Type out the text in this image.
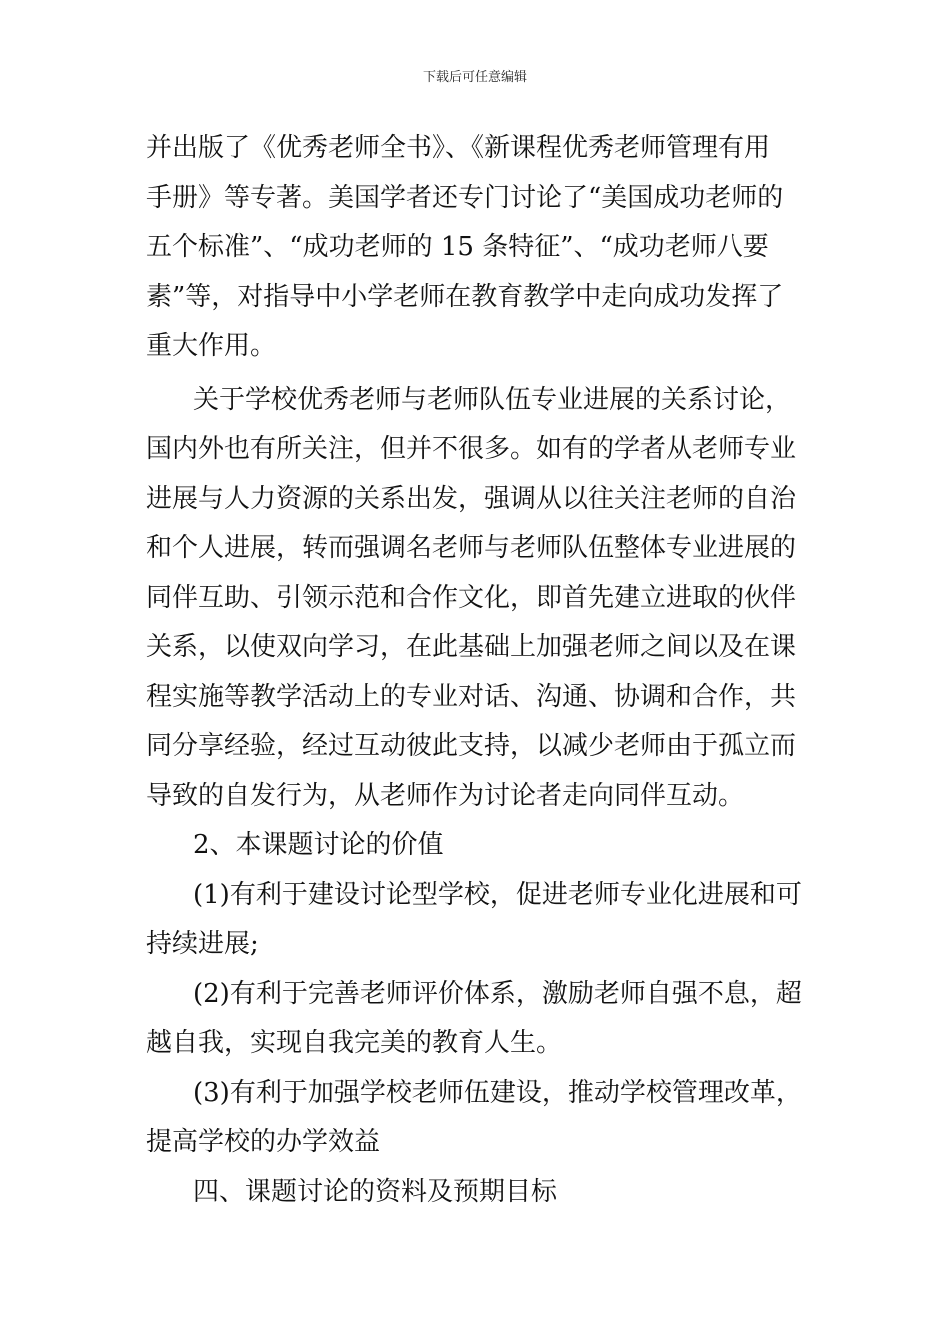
下载后可任意编辑
并出版了《优秀老师全书》、《新课程优秀老师管理有用
手册》等专著。美国学者还专门讨论了“美国成功老师的
五个标准”、“成功老师的 15 条特征”、“成功老师八要
素”等，对指导中小学老师在教育教学中走向成功发挥了
重大作用。
关于学校优秀老师与老师队伍专业进展的关系讨论，
国内外也有所关注，但并不很多。如有的学者从老师专业
进展与人力资源的关系出发，强调从以往关注老师的自治
和个人进展，转而强调名老师与老师队伍整体专业进展的
同伴互助、引领示范和合作文化，即首先建立进取的伙伴
关系，以使双向学习，在此基础上加强老师之间以及在课
程实施等教学活动上的专业对话、沟通、协调和合作，共
同分享经验，经过互动彼此支持，以减少老师由于孤立而
导致的自发行为，从老师作为讨论者走向同伴互动。
2、本课题讨论的价值
(1)有利于建设讨论型学校，促进老师专业化进展和可
持续进展;
(2)有利于完善老师评价体系，激励老师自强不息，超
越自我，实现自我完美的教育人生。
(3)有利于加强学校老师伍建设，推动学校管理改革，
提高学校的办学效益
四、课题讨论的资料及预期目标
